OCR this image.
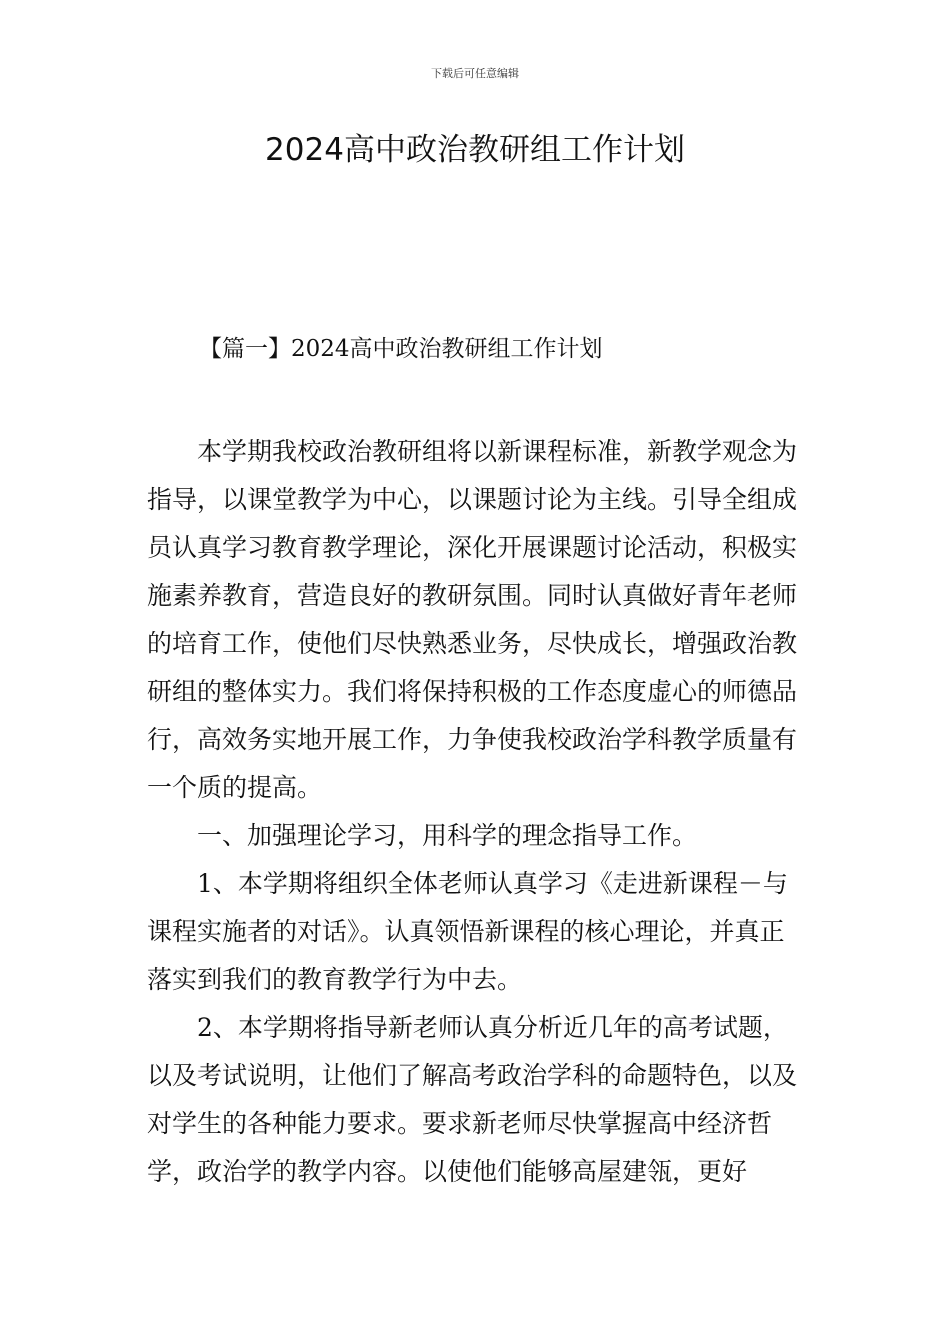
下载后可任意编辑
2024高中政治教研组工作计划
【篇一】2024高中政治教研组工作计划

本学期我校政治教研组将以新课程标准，新教学观念为指导，以课堂教学为中心，以课题讨论为主线。引导全组成员认真学习教育教学理论，深化开展课题讨论活动，积极实施素养教育，营造良好的教研氛围。同时认真做好青年老师的培育工作，使他们尽快熟悉业务，尽快成长，增强政治教研组的整体实力。我们将保持积极的工作态度虚心的师德品行，高效务实地开展工作，力争使我校政治学科教学质量有一个质的提高。

一、加强理论学习，用科学的理念指导工作。

1、本学期将组织全体老师认真学习《走进新课程－与课程实施者的对话》。认真领悟新课程的核心理论，并真正落实到我们的教育教学行为中去。

2、本学期将指导新老师认真分析近几年的高考试题，以及考试说明，让他们了解高考政治学科的命题特色，以及对学生的各种能力要求。要求新老师尽快掌握高中经济哲学，政治学的教学内容。以使他们能够高屋建瓴，更好
